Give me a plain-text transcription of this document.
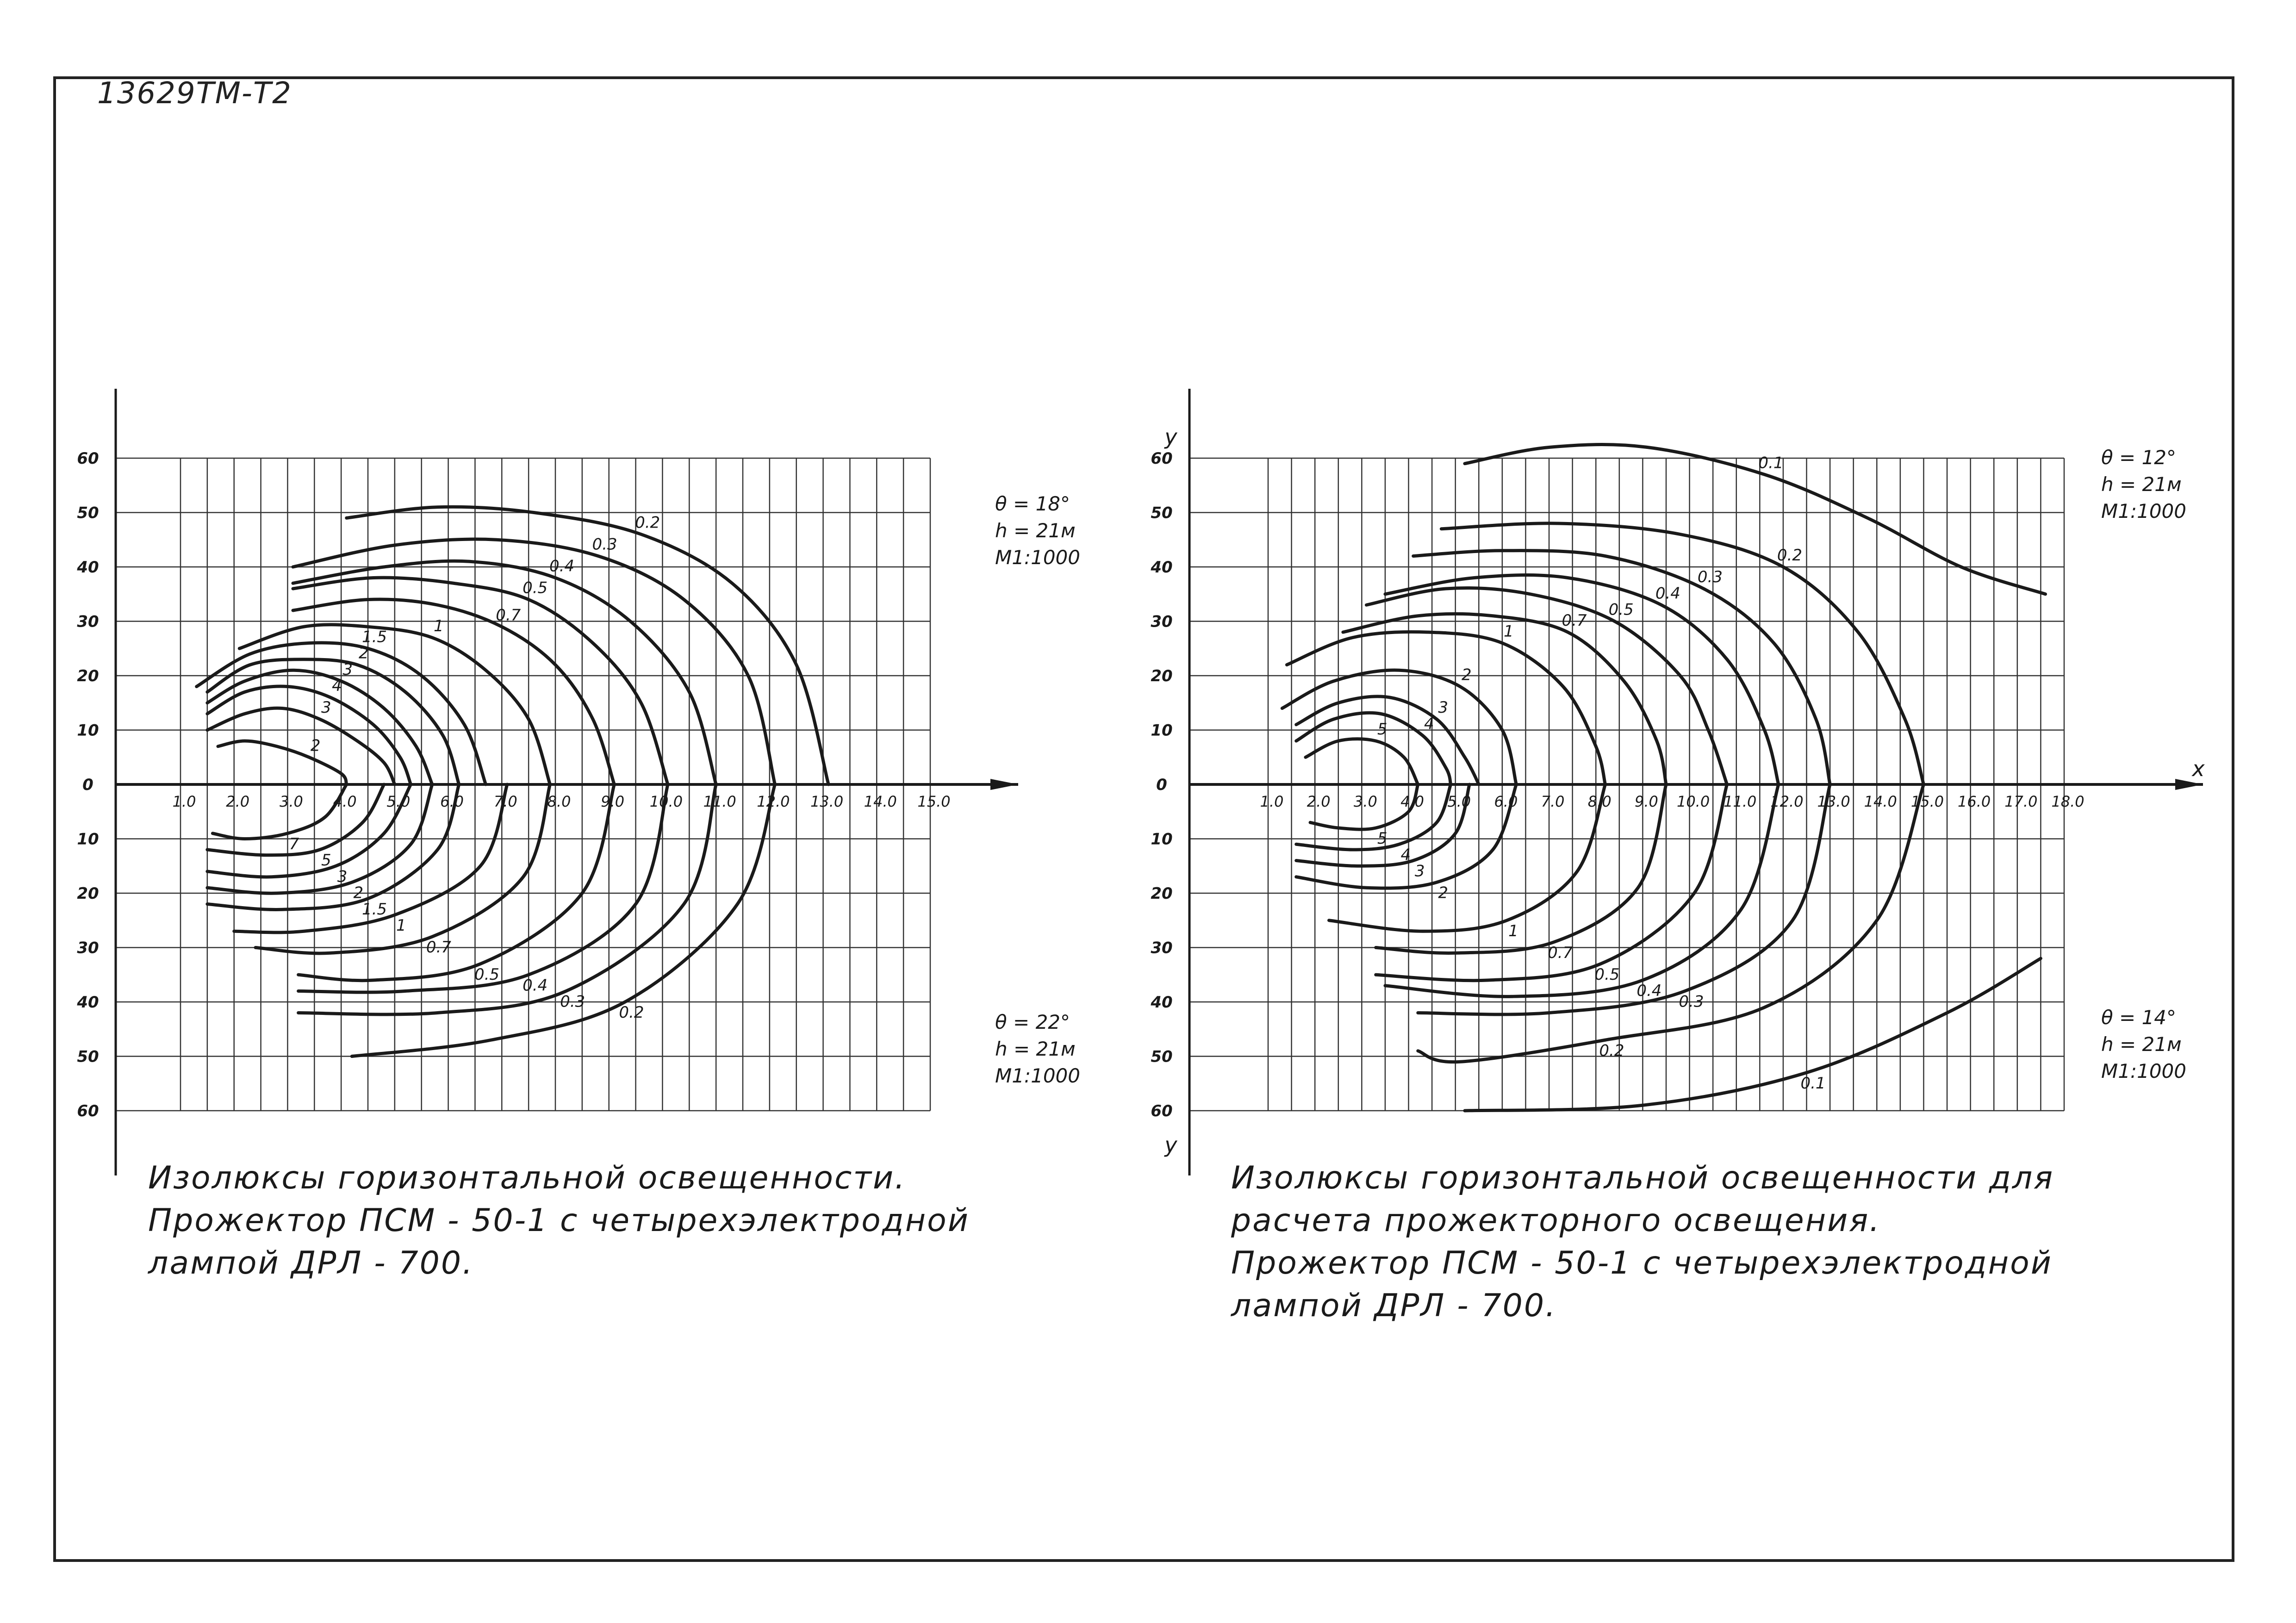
13629ТМ-Т2
60
50
40
30
20
10
0
10
20
30
40
50
60
1.0 2.0 3.0 4.0 5.0 6.0 7.0 8.0 9.0 10.0 11.0 12.0 13.0 14.0 15.0
2
3
4
3
2
1.5
1
0.7
0.5
0.4
0.3
0.2
7
5
3
2
1.5
1
0.7
0.5
0.4
0.3
0.2
60
50
40
30
20
10
0
10
20
30
40
50
60
1.0 2.0 3.0 4.0 5.0 6.0 7.0 8.0 9.0 10.0 11.0 12.0 13.0 14.0 15.0 16.0 17.0 18.0
x
y
y
5 4
3
2
1
0.7
0.5
0.4
0.3
0.2
0.1
5
4
3
2
1
0.7
0.5
0.4
0.3
0.2
0.1
θ = 18°
h = 21м
М1:1000
θ = 22°
h = 21м
М1:1000
θ = 12°
h = 21м
М1:1000
θ = 14°
h = 21м
М1:1000
Изолюксы горизонтальной освещенности.
Прожектор ПСМ - 50-1 с четырехэлектродной
лампой ДРЛ - 700.
Изолюксы горизонтальной освещенности для
расчета прожекторного освещения.
Прожектор ПСМ - 50-1 с четырехэлектродной
лампой ДРЛ - 700.
